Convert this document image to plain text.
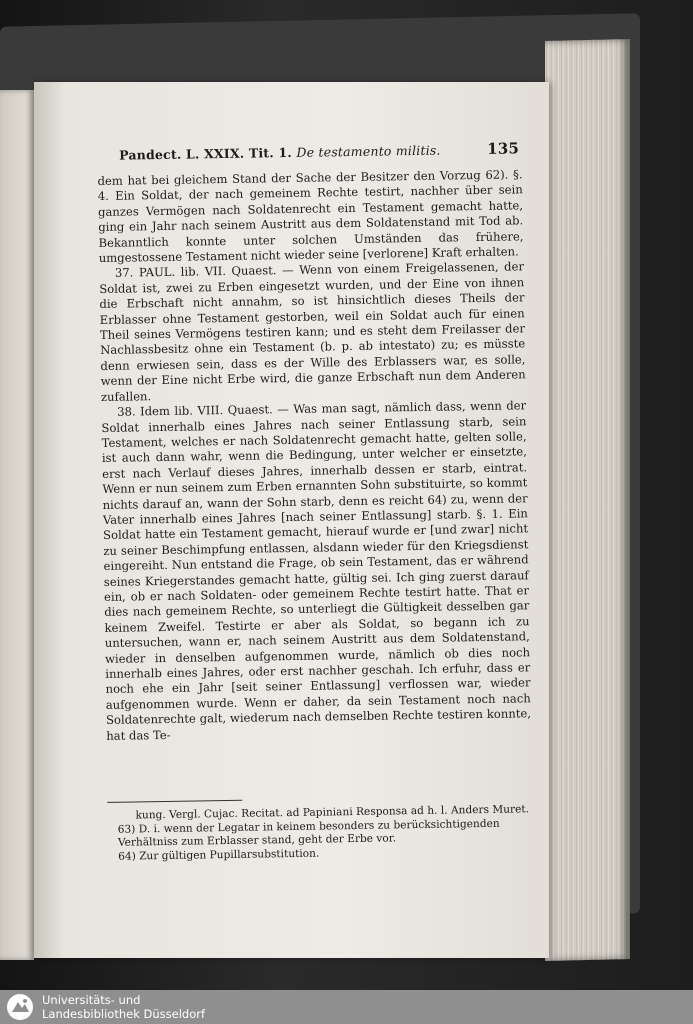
Pandect. L. XXIX. Tit. 1. De testamento militis.	135

dem hat bei gleichem Stand der Sache der Besitzer den Vorzug 62). §. 4. Ein Soldat, der nach gemeinem Rechte testirt, nachher über sein ganzes Vermögen nach Soldatenrecht ein Testament gemacht hatte, ging ein Jahr nach seinem Austritt aus dem Soldatenstand mit Tod ab. Bekanntlich konnte unter solchen Umständen das frühere, umgestossene Testament nicht wieder seine [verlorene] Kraft erhalten.

37. PAUL. lib. VII. Quaest. — Wenn von einem Freigelassenen, der Soldat ist, zwei zu Erben eingesetzt wurden, und der Eine von ihnen die Erbschaft nicht annahm, so ist hinsichtlich dieses Theils der Erblasser ohne Testament gestorben, weil ein Soldat auch für einen Theil seines Vermögens testiren kann; und es steht dem Freilasser der Nachlassbesitz ohne ein Testament (b. p. ab intestato) zu; es müsste denn erwiesen sein, dass es der Wille des Erblassers war, es solle, wenn der Eine nicht Erbe wird, die ganze Erbschaft nun dem Anderen zufallen.

38. Idem lib. VIII. Quaest. — Was man sagt, nämlich dass, wenn der Soldat innerhalb eines Jahres nach seiner Entlassung starb, sein Testament, welches er nach Soldatenrecht gemacht hatte, gelten solle, ist auch dann wahr, wenn die Bedingung, unter welcher er einsetzte, erst nach Verlauf dieses Jahres, innerhalb dessen er starb, eintrat. Wenn er nun seinem zum Erben ernannten Sohn substituirte, so kommt nichts darauf an, wann der Sohn starb, denn es reicht 64) zu, wenn der Vater innerhalb eines Jahres [nach seiner Entlassung] starb. §. 1. Ein Soldat hatte ein Testament gemacht, hierauf wurde er [und zwar] nicht zu seiner Beschimpfung entlassen, alsdann wieder für den Kriegsdienst eingereiht. Nun entstand die Frage, ob sein Testament, das er während seines Kriegerstandes gemacht hatte, gültig sei. Ich ging zuerst darauf ein, ob er nach Soldaten- oder gemeinem Rechte testirt hatte. That er dies nach gemeinem Rechte, so unterliegt die Gültigkeit desselben gar keinem Zweifel. Testirte er aber als Soldat, so begann ich zu untersuchen, wann er, nach seinem Austritt aus dem Soldatenstand, wieder in denselben aufgenommen wurde, nämlich ob dies noch innerhalb eines Jahres, oder erst nachher geschah. Ich erfuhr, dass er noch ehe ein Jahr [seit seiner Entlassung] verflossen war, wieder aufgenommen wurde. Wenn er daher, da sein Testament noch nach Soldatenrechte galt, wiederum nach demselben Rechte testiren konnte, hat das Te-

kung. Vergl. Cujac. Recitat. ad Papiniani Responsa ad h. l. Anders Muret.

63) D. i. wenn der Legatar in keinem besonders zu berücksichtigenden Verhältniss zum Erblasser stand, geht der Erbe vor.

64) Zur gültigen Pupillarsubstitution.

Universitäts- und
Landesbibliothek Düsseldorf
